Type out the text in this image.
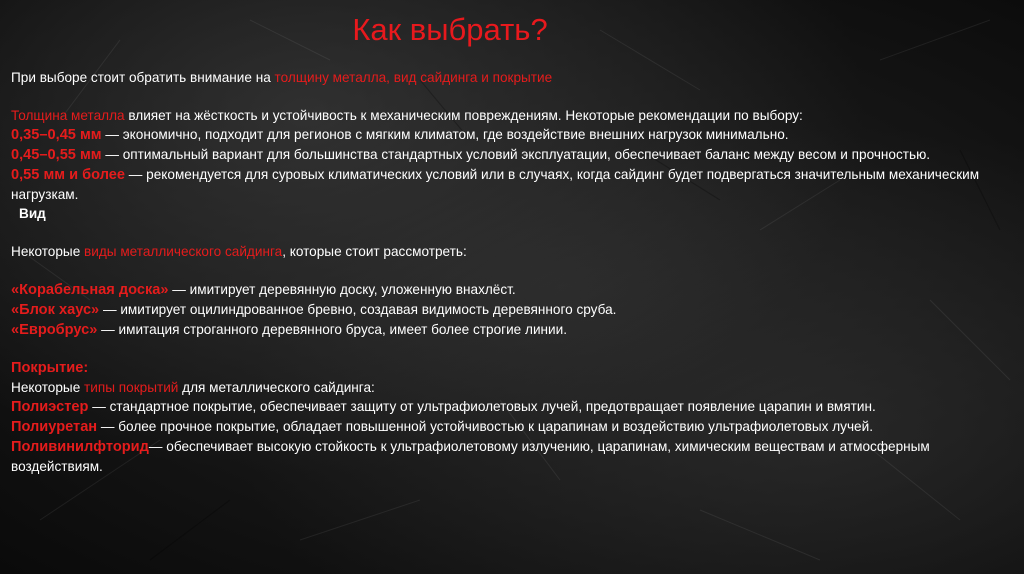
Как выбрать?

При выборе стоит обратить внимание на толщину металла, вид сайдинга и покрытие

Толщина металла влияет на жёсткость и устойчивость к механическим повреждениям. Некоторые рекомендации по выбору:

0,35–0,45 мм — экономично, подходит для регионов с мягким климатом, где воздействие внешних нагрузок минимально.

0,45–0,55 мм — оптимальный вариант для большинства стандартных условий эксплуатации, обеспечивает баланс между весом и прочностью.

0,55 мм и более — рекомендуется для суровых климатических условий или в случаях, когда сайдинг будет подвергаться значительным механическим нагрузкам.

Вид

Некоторые виды металлического сайдинга, которые стоит рассмотреть:

«Корабельная доска» — имитирует деревянную доску, уложенную внахлёст.

«Блок хаус» — имитирует оцилиндрованное бревно, создавая видимость деревянного сруба.

«Евробрус» — имитация строганного деревянного бруса, имеет более строгие линии.

Покрытие:

Некоторые типы покрытий для металлического сайдинга:

Полиэстер — стандартное покрытие, обеспечивает защиту от ультрафиолетовых лучей, предотвращает появление царапин и вмятин.

Полиуретан — более прочное покрытие, обладает повышенной устойчивостью к царапинам и воздействию ультрафиолетовых лучей.

Поливинилфторид— обеспечивает высокую стойкость к ультрафиолетовому излучению, царапинам, химическим веществам и атмосферным воздействиям.
